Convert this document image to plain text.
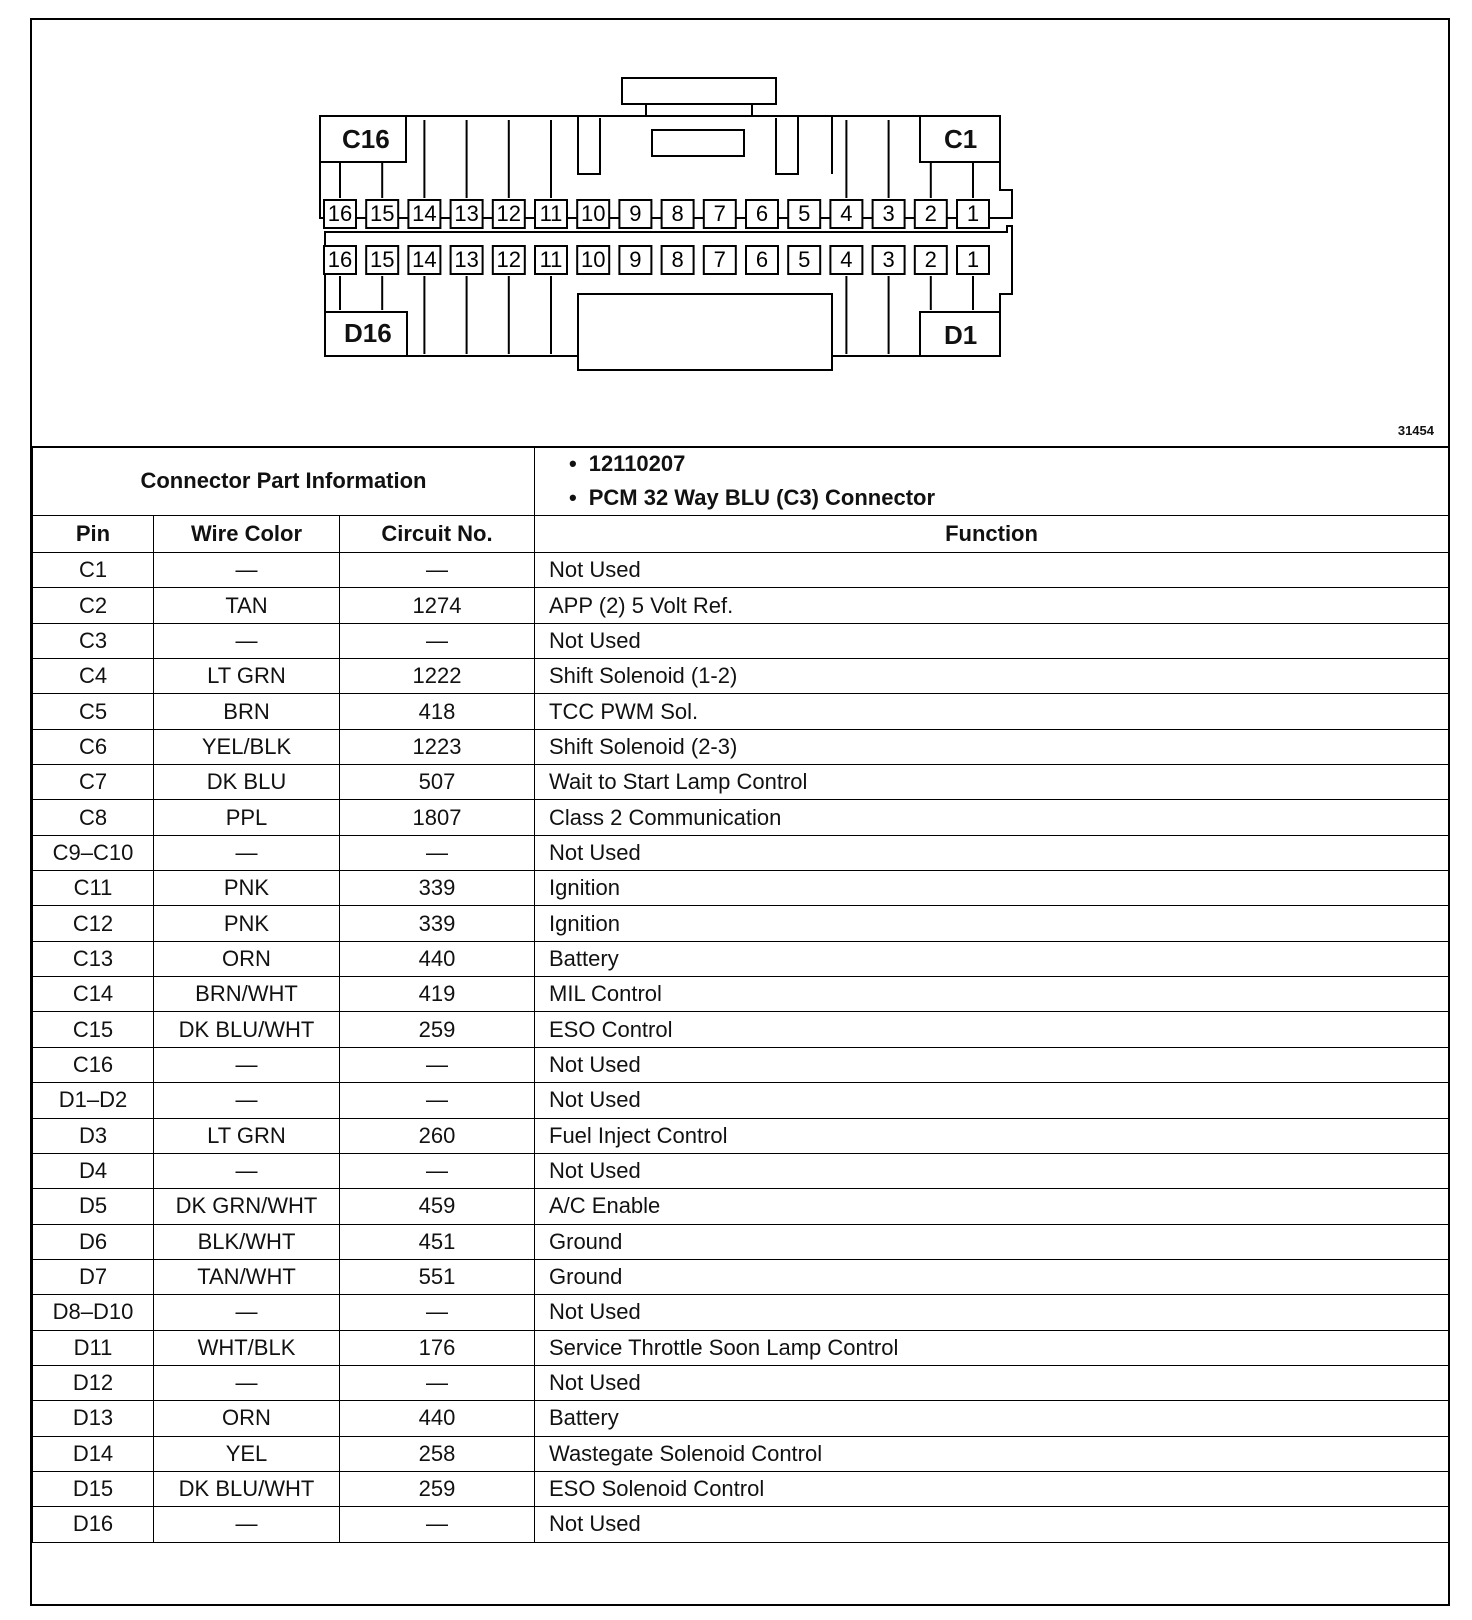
16 15 14 13 12 11 10 9 8 7 6 5 4 3 2 1
16 15 14 13 12 11 10 9 8 7 6 5 4 3 2 1
C16	C1
D16	D1
31454
Connector Part Information			• 12110207
• PCM 32 Way BLU (C3) Connector

Pin	Wire Color	Circuit No.	Function
C1	—	—	Not Used
C2	TAN	1274	APP (2) 5 Volt Ref.
C3	—	—	Not Used
C4	LT GRN	1222	Shift Solenoid (1-2)
C5	BRN	418	TCC PWM Sol.
C6	YEL/BLK	1223	Shift Solenoid (2-3)
C7	DK BLU	507	Wait to Start Lamp Control
C8	PPL	1807	Class 2 Communication
C9–C10	—	—	Not Used
C11	PNK	339	Ignition
C12	PNK	339	Ignition
C13	ORN	440	Battery
C14	BRN/WHT	419	MIL Control
C15	DK BLU/WHT	259	ESO Control
C16	—	—	Not Used
D1–D2	—	—	Not Used
D3	LT GRN	260	Fuel Inject Control
D4	—	—	Not Used
D5	DK GRN/WHT	459	A/C Enable
D6	BLK/WHT	451	Ground
D7	TAN/WHT	551	Ground
D8–D10	—	—	Not Used
D11	WHT/BLK	176	Service Throttle Soon Lamp Control
D12	—	—	Not Used
D13	ORN	440	Battery
D14	YEL	258	Wastegate Solenoid Control
D15	DK BLU/WHT	259	ESO Solenoid Control
D16	—	—	Not Used
